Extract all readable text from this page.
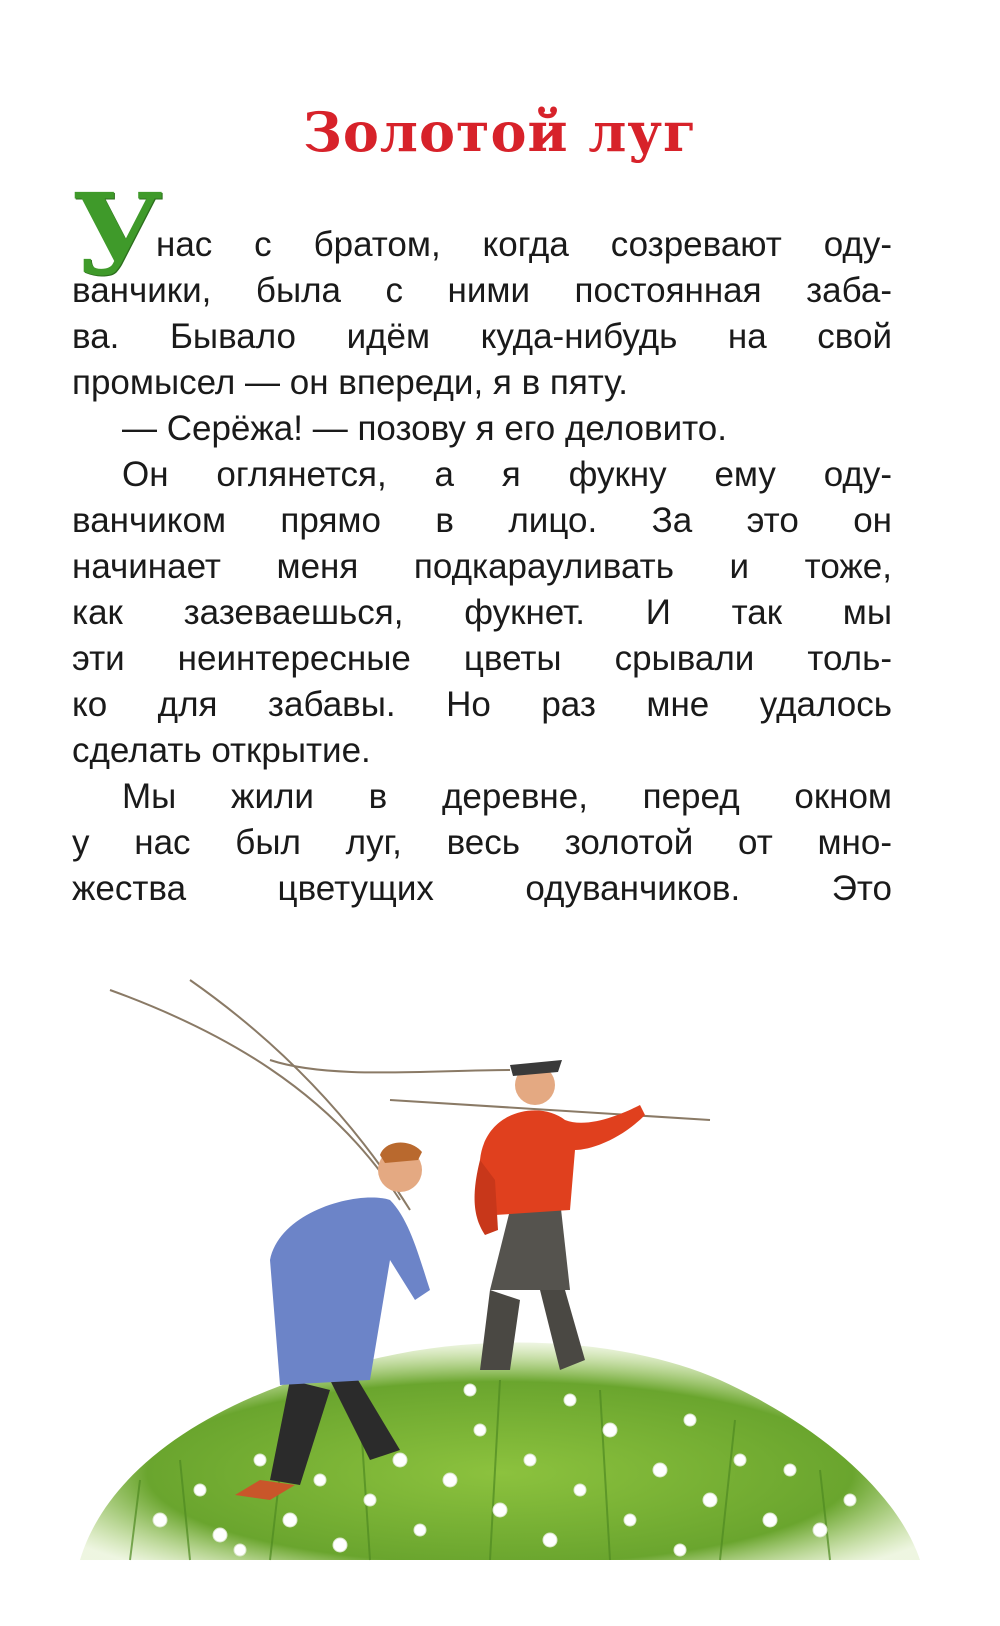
Золотой луг
У
нас с братом, когда созревают оду-
ванчики, была с ними постоянная заба-
ва. Бывало идём куда-нибудь на свой
промысел — он впереди, я в пяту.
— Серёжа! — позову я его деловито.
Он оглянется, а я фукну ему оду-
ванчиком прямо в лицо. За это он
начинает меня подкарауливать и тоже,
как зазеваешься, фукнет. И так мы
эти неинтересные цветы срывали толь-
ко для забавы. Но раз мне удалось
сделать открытие.
Мы жили в деревне, перед окном
у нас был луг, весь золотой от мно-
жества цветущих одуванчиков. Это
